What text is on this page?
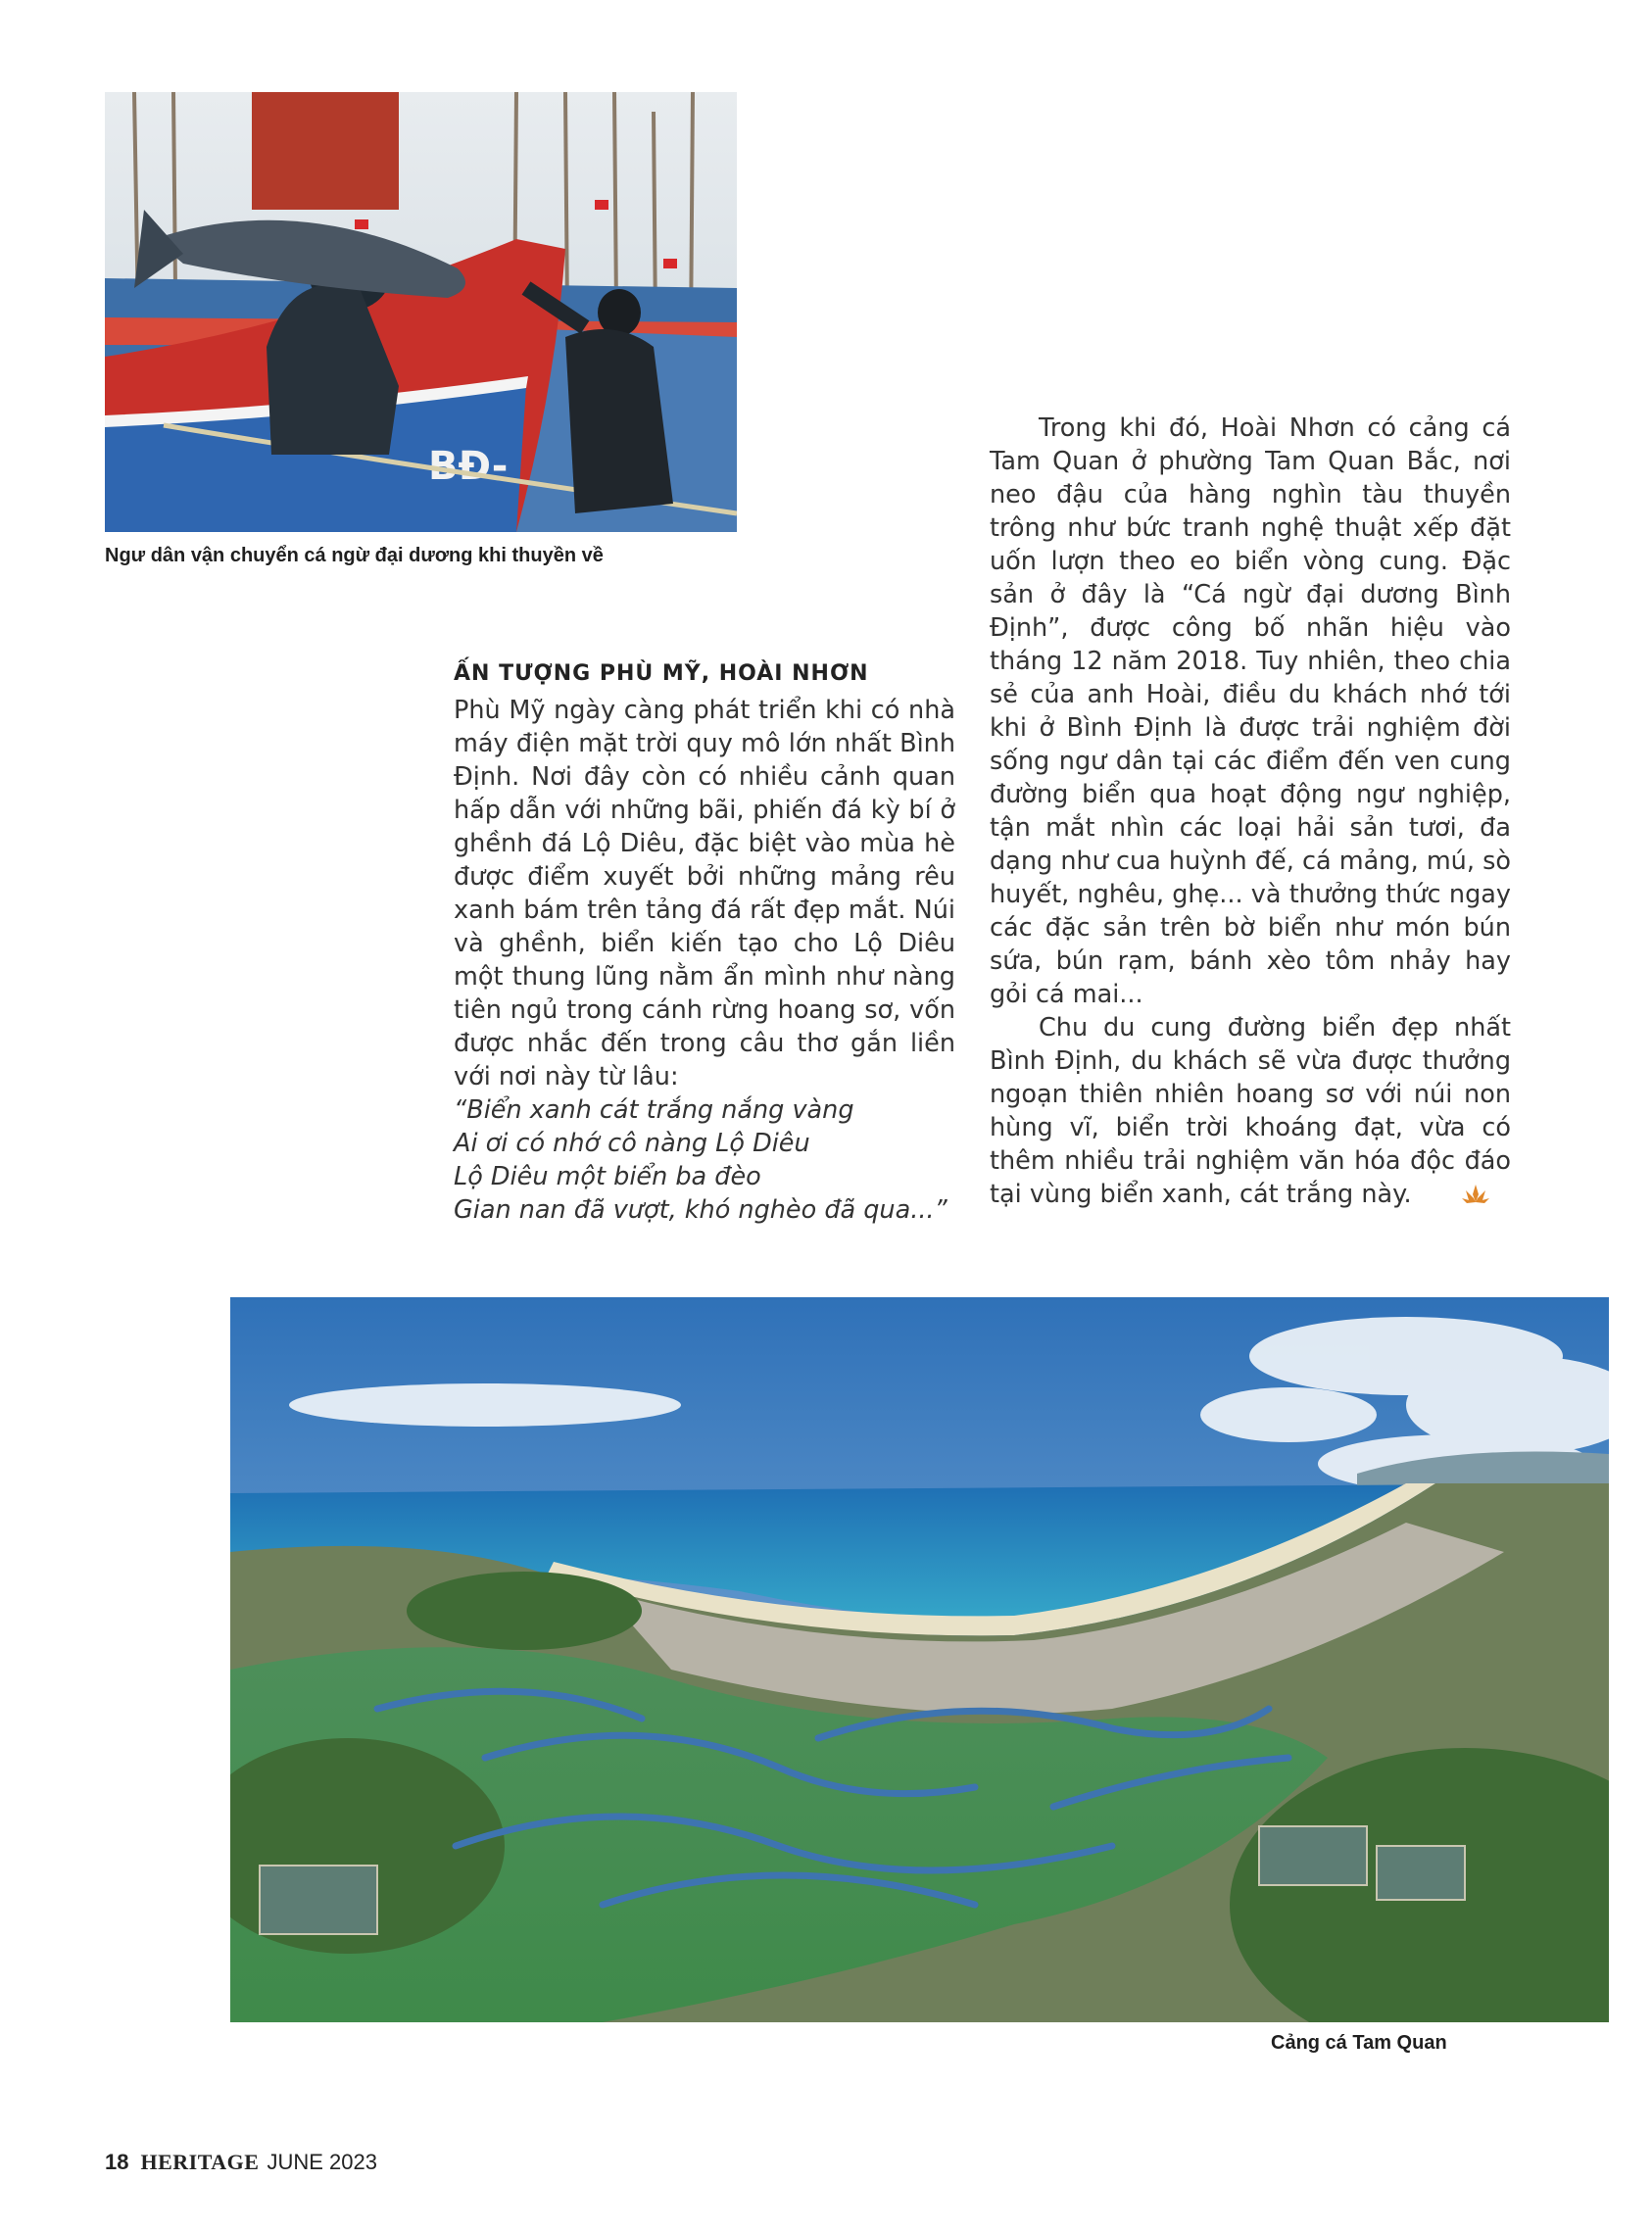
BĐ-
Ngư dân vận chuyển cá ngừ đại dương khi thuyền về
ẤN TƯỢNG PHÙ MỸ, HOÀI NHƠN

Phù Mỹ ngày càng phát triển khi có nhà máy điện mặt trời quy mô lớn nhất Bình Định. Nơi đây còn có nhiều cảnh quan hấp dẫn với những bãi, phiến đá kỳ bí ở ghềnh đá Lộ Diêu, đặc biệt vào mùa hè được điểm xuyết bởi những mảng rêu xanh bám trên tảng đá rất đẹp mắt. Núi và ghềnh, biển kiến tạo cho Lộ Diêu một thung lũng nằm ẩn mình như nàng tiên ngủ trong cánh rừng hoang sơ, vốn được nhắc đến trong câu thơ gắn liền với nơi này từ lâu:

“Biển xanh cát trắng nắng vàng

Ai ơi có nhớ cô nàng Lộ Diêu

Lộ Diêu một biển ba đèo

Gian nan đã vượt, khó nghèo đã qua...”

Trong khi đó, Hoài Nhơn có cảng cá Tam Quan ở phường Tam Quan Bắc, nơi neo đậu của hàng nghìn tàu thuyền trông như bức tranh nghệ thuật xếp đặt uốn lượn theo eo biển vòng cung. Đặc sản ở đây là “Cá ngừ đại dương Bình Định”, được công bố nhãn hiệu vào tháng 12 năm 2018. Tuy nhiên, theo chia sẻ của anh Hoài, điều du khách nhớ tới khi ở Bình Định là được trải nghiệm đời sống ngư dân tại các điểm đến ven cung đường biển qua hoạt động ngư nghiệp, tận mắt nhìn các loại hải sản tươi, đa dạng như cua huỳnh đế, cá mảng, mú, sò huyết, nghêu, ghẹ... và thưởng thức ngay các đặc sản trên bờ biển như món bún sứa, bún rạm, bánh xèo tôm nhảy hay gỏi cá mai...

Chu du cung đường biển đẹp nhất Bình Định, du khách sẽ vừa được thưởng ngoạn thiên nhiên hoang sơ với núi non hùng vĩ, biển trời khoáng đạt, vừa có thêm nhiều trải nghiệm văn hóa độc đáo tại vùng biển xanh, cát trắng này.

Cảng cá Tam Quan
18 HERITAGE JUNE 2023
